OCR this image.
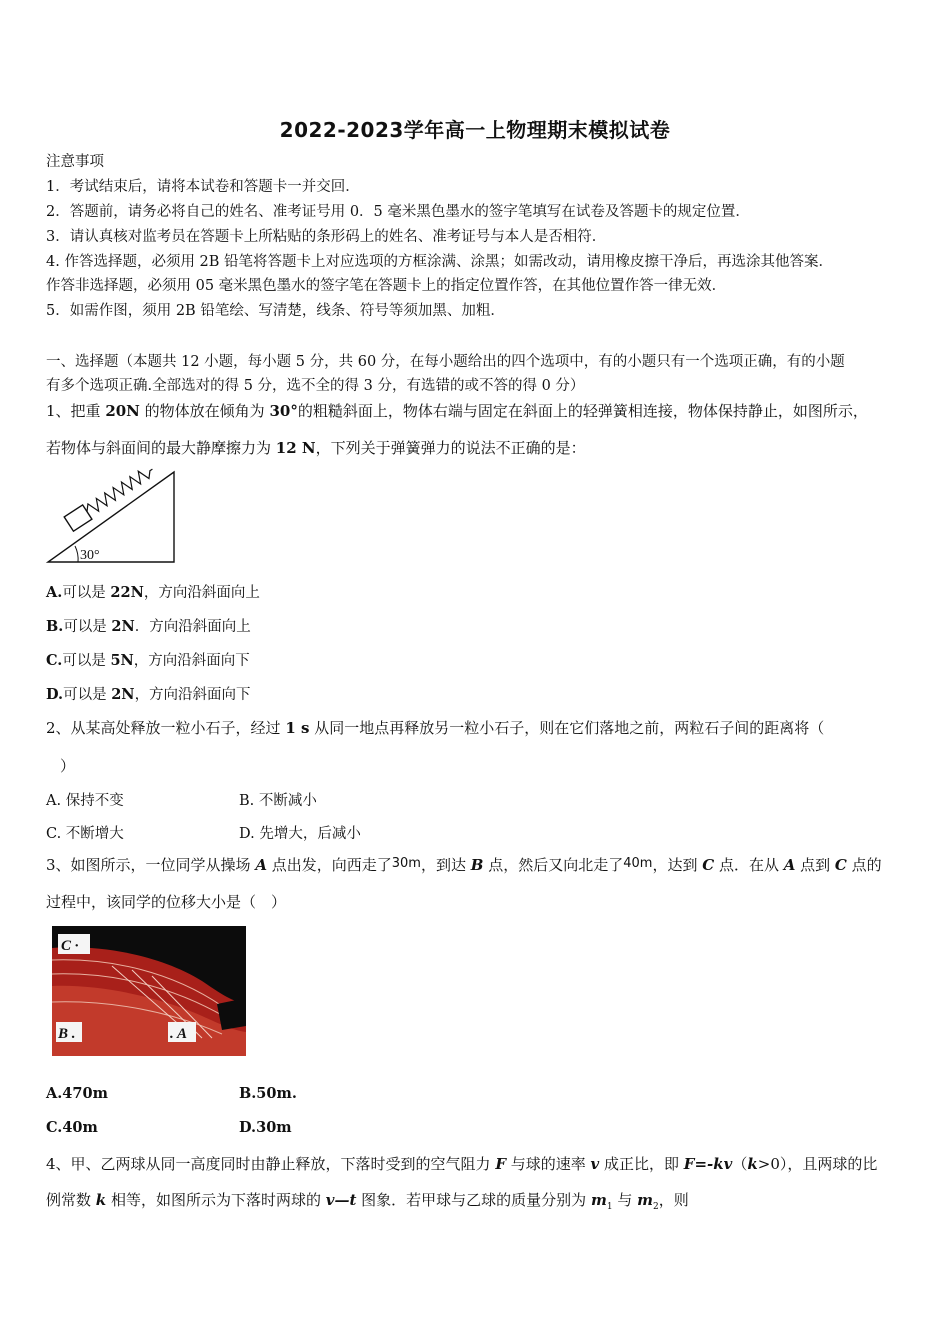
2022-2023学年高一上物理期末模拟试卷
注意事项
1．考试结束后，请将本试卷和答题卡一并交回．
2．答题前，请务必将自己的姓名、准考证号用 0．5 毫米黑色墨水的签字笔填写在试卷及答题卡的规定位置．
3．请认真核对监考员在答题卡上所粘贴的条形码上的姓名、准考证号与本人是否相符．
4. 作答选择题，必须用 2B 铅笔将答题卡上对应选项的方框涂满、涂黑；如需改动，请用橡皮擦干净后，再选涂其他答案．
作答非选择题，必须用 05 毫米黑色墨水的签字笔在答题卡上的指定位置作答，在其他位置作答一律无效．
5．如需作图，须用 2B 铅笔绘、写清楚，线条、符号等须加黑、加粗．
一、选择题（本题共 12 小题，每小题 5 分，共 60 分，在每小题给出的四个选项中，有的小题只有一个选项正确，有的小题
有多个选项正确.全部选对的得 5 分，选不全的得 3 分，有选错的或不答的得 0 分）
1、把重 20N 的物体放在倾角为 30°的粗糙斜面上，物体右端与固定在斜面上的轻弹簧相连接，物体保持静止，如图所示，
若物体与斜面间的最大静摩擦力为 12 N，下列关于弹簧弹力的说法不正确的是：
30°
A.可以是 22N，方向沿斜面向上
B.可以是 2N．方向沿斜面向上
C.可以是 5N，方向沿斜面向下
D.可以是 2N，方向沿斜面向下
2、从某高处释放一粒小石子，经过 1 s 从同一地点再释放另一粒小石子，则在它们落地之前，两粒石子间的距离将（
）
A. 保持不变	B. 不断减小
C. 不断增大	D. 先增大，后减小
3、如图所示，一位同学从操场 A 点出发，向西走了30m，到达 B 点，然后又向北走了40m，达到 C 点．在从 A 点到 C 点的
过程中，该同学的位移大小是（　）
C ·
B .	. A
A.470m	B.50m.
C.40m	D.30m
4、甲、乙两球从同一高度同时由静止释放，下落时受到的空气阻力 F 与球的速率 v 成正比，即 F=-kv（k>0），且两球的比
例常数 k 相等，如图所示为下落时两球的 v—t 图象．若甲球与乙球的质量分别为 $m_1$ 与 $m_2$，则
